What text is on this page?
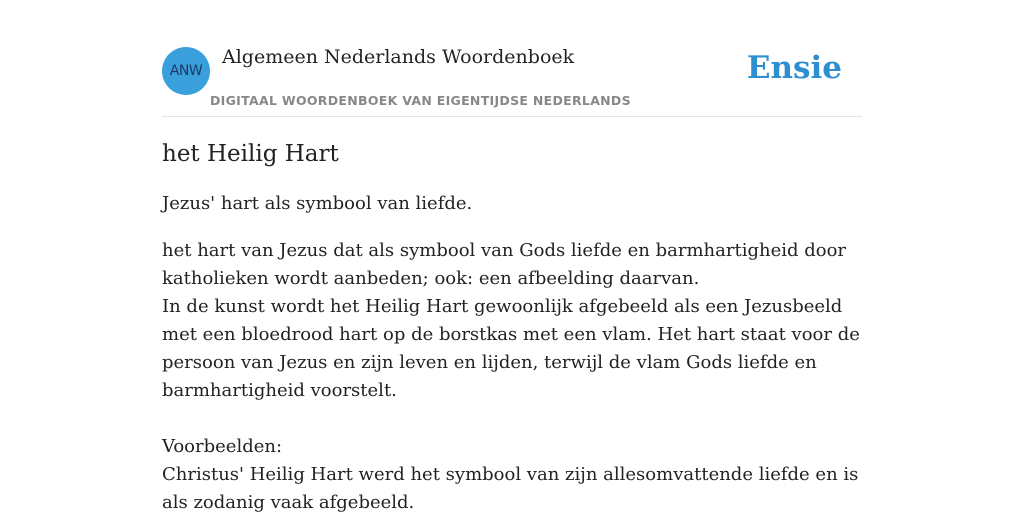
ANW
Algemeen Nederlands Woordenboek
DIGITAAL WOORDENBOEK VAN EIGENTIJDSE NEDERLANDS
Ensie
het Heilig Hart

Jezus' hart als symbool van liefde.

het hart van Jezus dat als symbool van Gods liefde en barmhartigheid door katholieken wordt aanbeden; ook: een afbeelding daarvan.
In de kunst wordt het Heilig Hart gewoonlijk afgebeeld als een Jezusbeeld met een bloedrood hart op de borstkas met een vlam. Het hart staat voor de persoon van Jezus en zijn leven en lijden, terwijl de vlam Gods liefde en barmhartigheid voorstelt.

Voorbeelden:
Christus' Heilig Hart werd het symbool van zijn allesomvattende liefde en is als zodanig vaak afgebeeld.
